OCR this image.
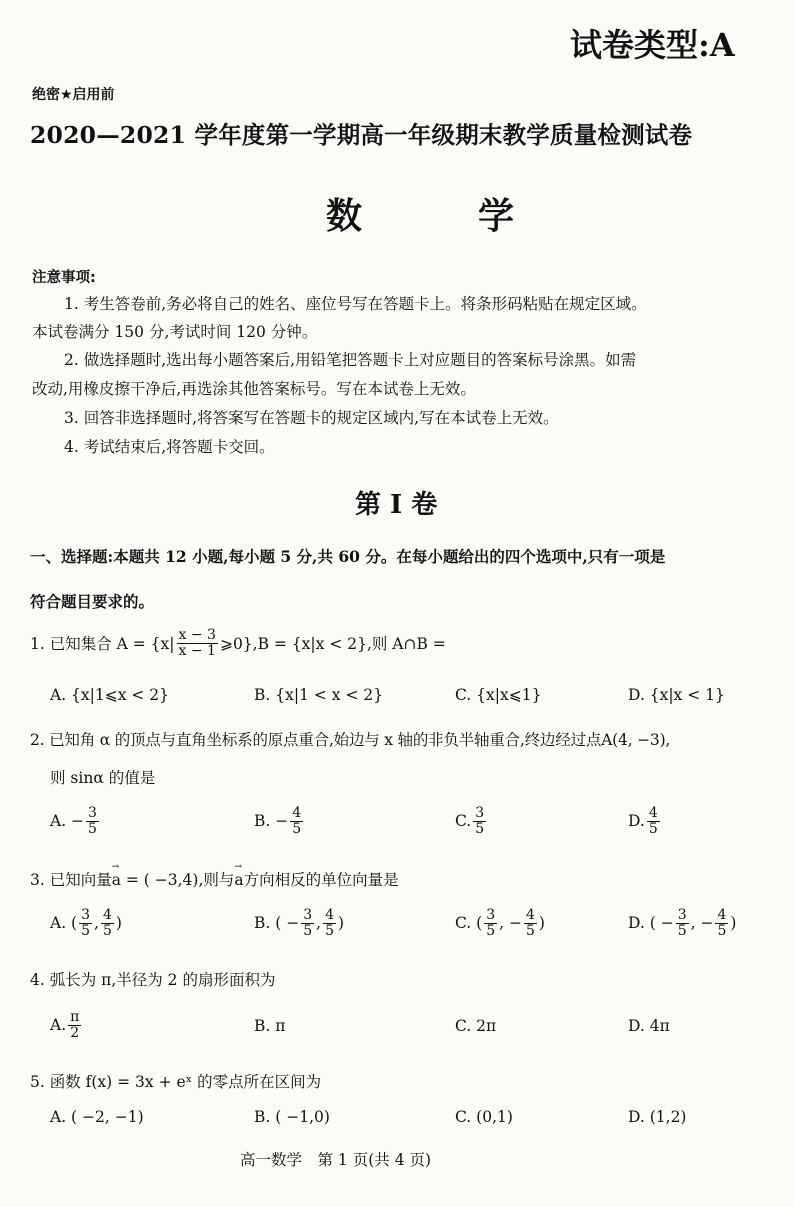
试卷类型:A
绝密★启用前
2020—2021 学年度第一学期高一年级期末教学质量检测试卷
数　学
注意事项:
1. 考生答卷前,务必将自己的姓名、座位号写在答题卡上。将条形码粘贴在规定区域。
本试卷满分 150 分,考试时间 120 分钟。
2. 做选择题时,选出每小题答案后,用铅笔把答题卡上对应题目的答案标号涂黑。如需
改动,用橡皮擦干净后,再选涂其他答案标号。写在本试卷上无效。
3. 回答非选择题时,将答案写在答题卡的规定区域内,写在本试卷上无效。
4. 考试结束后,将答题卡交回。
第 I 卷
一、选择题:本题共 12 小题,每小题 5 分,共 60 分。在每小题给出的四个选项中,只有一项是
符合题目要求的。
1. 已知集合 $A = \{x| \frac{x - 3}{x - 1}$ ⩾0},B = {x|x < 2},则 A∩B =
A. {x|1⩽x < 2}	B. {x|1 < x < 2}	C. {x|x⩽1}	D. {x|x < 1}
2. 已知角 α 的顶点与直角坐标系的原点重合,始边与 x 轴的非负半轴重合,终边经过点A(4, −3),
则 sinα 的值是
A. − $\frac{3}{5}$	B. − $\frac{4}{5}$	C. $\frac{3}{5}$	D. $\frac{4}{5}$
3. 已知向量→ a = ( −3,4),则与→ a方向相反的单位向量是
A. ( $\frac{3}{5}$ , $\frac{4}{5}$ )	B. ( − $\frac{3}{5}$ , $\frac{4}{5}$ )	C. ( $\frac{3}{5}$ , − $\frac{4}{5}$ )	D. ( − $\frac{3}{5}$ , − $\frac{4}{5}$ )
4. 弧长为 π,半径为 2 的扇形面积为
A. $\frac{\pi}{2}$	B. π	C. 2π	D. 4π
5. 函数 f(x) = 3x + eˣ 的零点所在区间为
A. ( −2, −1)	B. ( −1,0)	C. (0,1)	D. (1,2)
高一数学　第 1 页(共 4 页)
